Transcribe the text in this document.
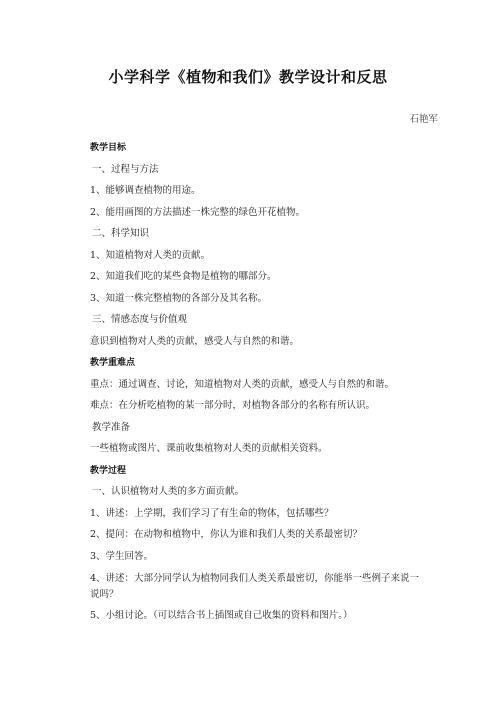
小学科学《植物和我们》教学设计和反思
石艳军
教学目标
一、过程与方法
1、能够调查植物的用途。
2、能用画图的方法描述一株完整的绿色开花植物。
二、科学知识
1、知道植物对人类的贡献。
2、知道我们吃的某些食物是植物的哪部分。
3、知道一株完整植物的各部分及其名称。
三、情感态度与价值观
意识到植物对人类的贡献，感受人与自然的和谐。
教学重难点
重点：通过调查、讨论，知道植物对人类的贡献，感受人与自然的和谐。
难点：在分析吃植物的某一部分时，对植物各部分的名称有所认识。
教学准备
一些植物或图片、课前收集植物对人类的贡献相关资料。
教学过程
一、认识植物对人类的多方面贡献。
1、讲述：上学期，我们学习了有生命的物体，包括哪些？
2、提问：在动物和植物中，你认为谁和我们人类的关系最密切？
3、学生回答。
4、讲述：大部分同学认为植物同我们人类关系最密切，你能举一些例子来说一说吗？
5、小组讨论。（可以结合书上插图或自己收集的资料和图片。）
